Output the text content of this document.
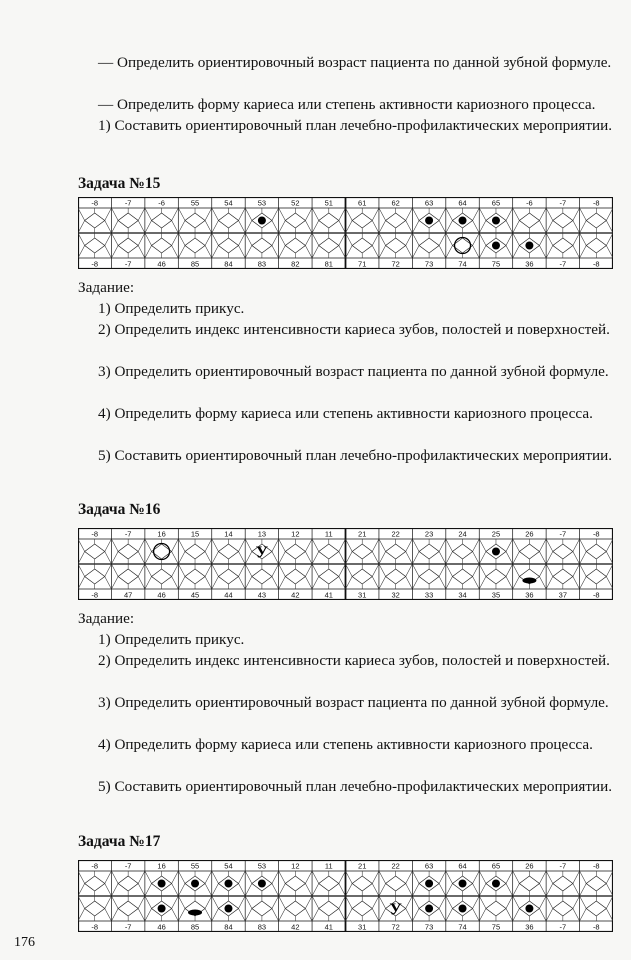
— Определить ориентировочный возраст пациента по данной зубной формуле.

— Определить форму кариеса или степень активности кариозного процесса.

1) Составить ориентировочный план лечебно-профилактических мероприятии.

Задача №15

-8
-8
-7
-7
-6
46
55
85
54
84
53
83
52
82
51
81
61
71
62
72
63
73
64
74
65
75
-6
36
-7
-7
-8
-8

Задание:

1) Определить прикус.

2) Определить индекс интенсивности кариеса зубов, полостей и поверхностей.

3) Определить ориентировочный возраст пациента по данной зубной формуле.

4) Определить форму кариеса или степень активности кариозного процесса.

5) Составить ориентировочный план лечебно-профилактических мероприятии.

Задача №16

-8
-8
-7
47
16
46
15
45
14
44
13
43
12
42
11
41
21
31
22
32
23
33
24
34
25
35
26
36
-7
37
-8
-8
У

Задание:

1) Определить прикус.

2) Определить индекс интенсивности кариеса зубов, полостей и поверхностей.

3) Определить ориентировочный возраст пациента по данной зубной формуле.

4) Определить форму кариеса или степень активности кариозного процесса.

5) Составить ориентировочный план лечебно-профилактических мероприятии.

Задача №17

-8
-8
-7
-7
16
46
55
85
54
84
53
83
12
42
11
41
21
31
22
72
63
73
64
74
65
75
26
36
-7
-7
-8
-8
У
176
